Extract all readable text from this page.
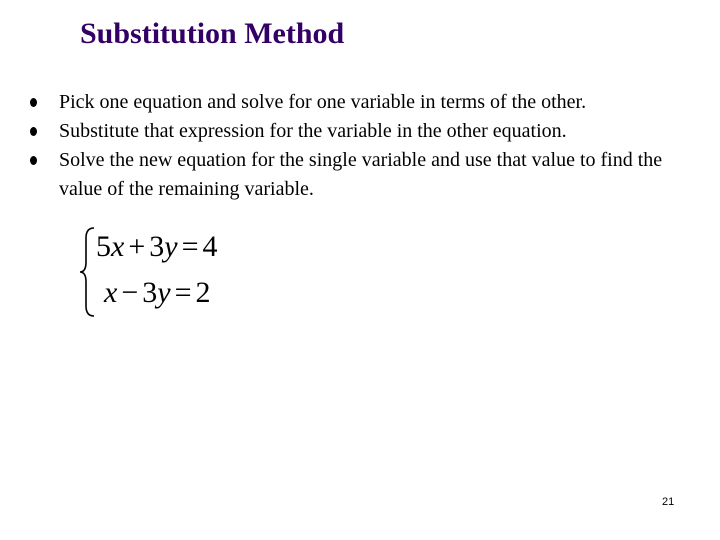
Substitution Method
Pick one equation and solve for one variable in terms of the other.
Substitute that expression for the variable in the other equation.
Solve the new equation for the single variable and use that value to find the value of the remaining variable.
5x + 3y = 4
x − 3y = 2
21
